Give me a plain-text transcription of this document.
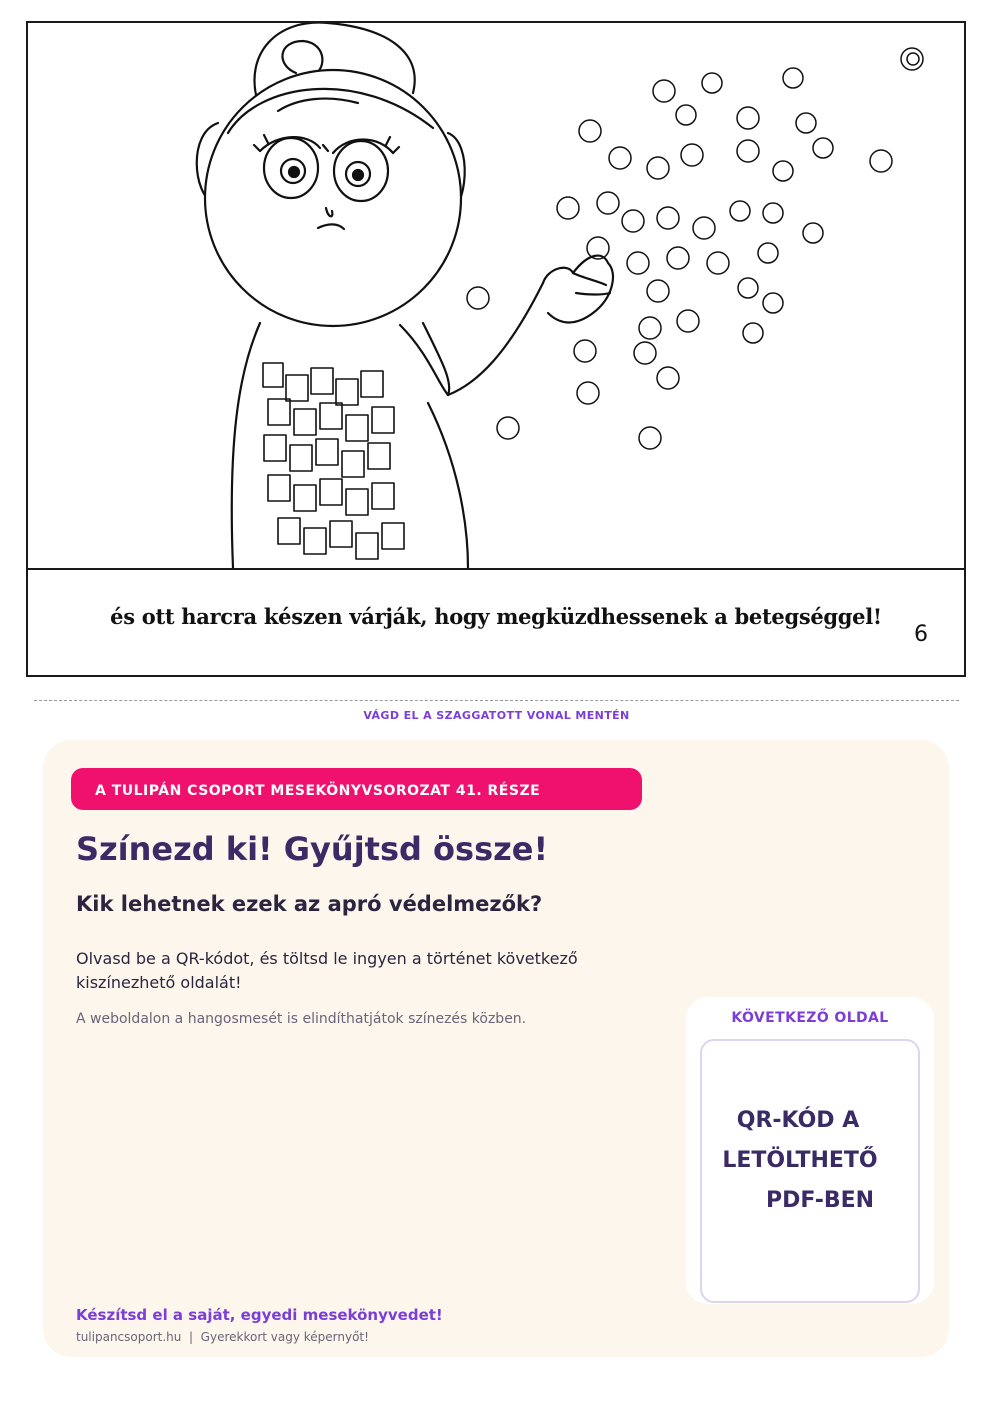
és ott harcra készen várják, hogy megküzdhessenek a betegséggel!
6
VÁGD EL A SZAGGATOTT VONAL MENTÉN
A TULIPÁN CSOPORT MESEKÖNYVSOROZAT 41. RÉSZE
Színezd ki! Gyűjtsd össze!
Kik lehetnek ezek az apró védelmezők?
Olvasd be a QR-kódot, és töltsd le ingyen a történet következő kiszínezhető oldalát!
A weboldalon a hangosmesét is elindíthatjátok színezés közben.	KÖVETKEZŐ OLDAL
QR-KÓD A
LETÖLTHETŐ
PDF-BEN
Készítsd el a saját, egyedi mesekönyvedet!
tulipancsoport.hu  |  Gyerekkort vagy képernyőt!
